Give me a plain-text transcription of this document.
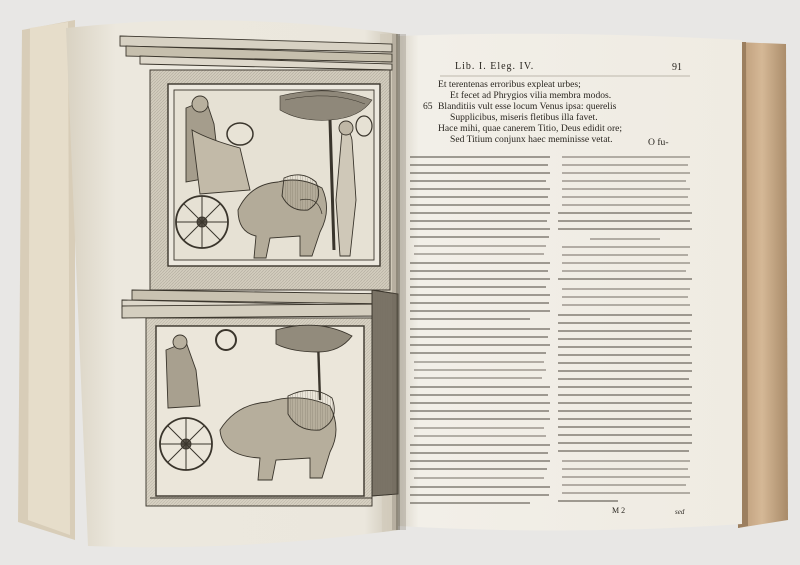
Lib. I. Eleg. IV.	91
Et terentenas erroribus expleat urbes;
Et fecet ad Phrygios vilia membra modos.
65 Blanditiis vult esse locum Venus ipsa: querelis
Supplicibus, miseris fletibus illa favet.
Hace mihi, quae canerem Titio, Deus edidit ore;
Sed Titium conjunx haec meminisse vetat.	O fu-
M 2	sed
